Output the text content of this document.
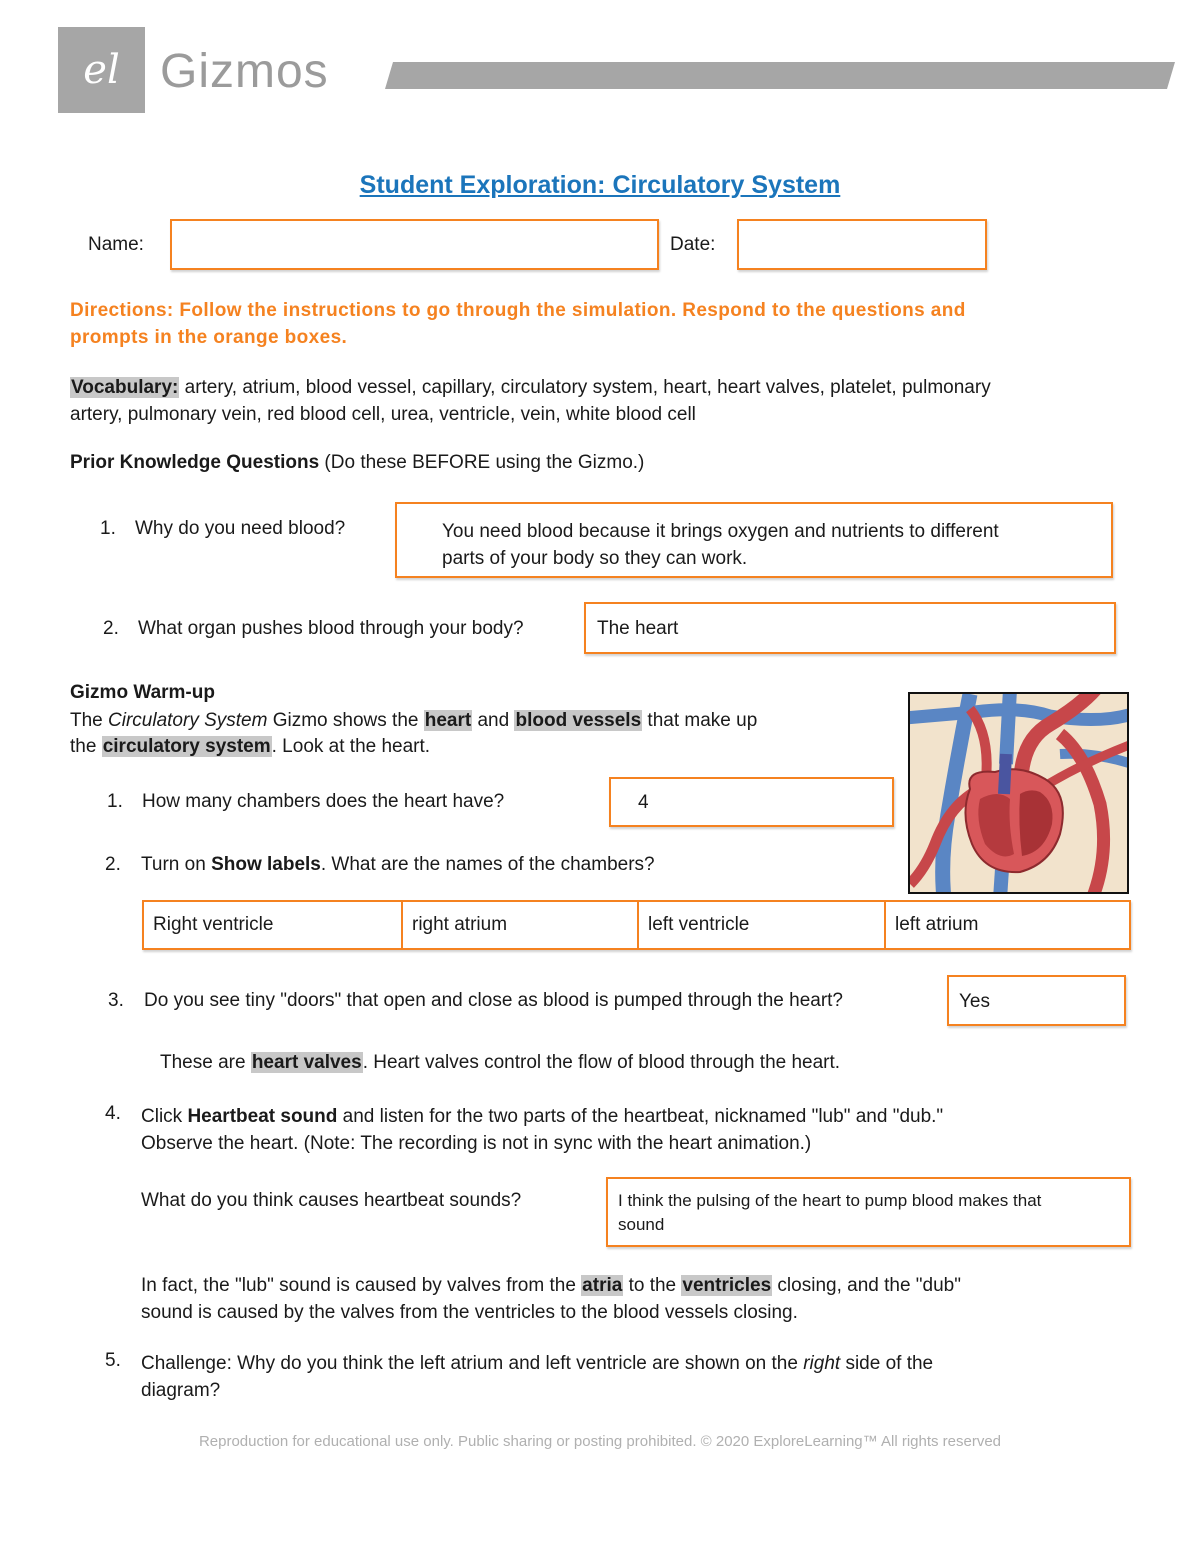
el Gizmos
Student Exploration: Circulatory System
Name:	Date:
Directions: Follow the instructions to go through the simulation. Respond to the questions and
prompts in the orange boxes.
Vocabulary: artery, atrium, blood vessel, capillary, circulatory system, heart, heart valves, platelet, pulmonary
artery, pulmonary vein, red blood cell, urea, ventricle, vein, white blood cell
Prior Knowledge Questions (Do these BEFORE using the Gizmo.)
1. Why do you need blood?	You need blood because it brings oxygen and nutrients to different
parts of your body so they can work.
2. What organ pushes blood through your body?	The heart
Gizmo Warm-up
The Circulatory System Gizmo shows the heart and blood vessels that make up
the circulatory system. Look at the heart.
1. How many chambers does the heart have?	4
2. Turn on Show labels. What are the names of the chambers?
Right ventricle	right atrium	left ventricle	left atrium
3. Do you see tiny "doors" that open and close as blood is pumped through the heart?	Yes
These are heart valves. Heart valves control the flow of blood through the heart.
4. Click Heartbeat sound and listen for the two parts of the heartbeat, nicknamed "lub" and "dub."
Observe the heart. (Note: The recording is not in sync with the heart animation.)
What do you think causes heartbeat sounds?	I think the pulsing of the heart to pump blood makes that
sound
In fact, the "lub" sound is caused by valves from the atria to the ventricles closing, and the "dub"
sound is caused by the valves from the ventricles to the blood vessels closing.
5. Challenge: Why do you think the left atrium and left ventricle are shown on the right side of the
diagram?
Reproduction for educational use only. Public sharing or posting prohibited. © 2020 ExploreLearning™ All rights reserved
